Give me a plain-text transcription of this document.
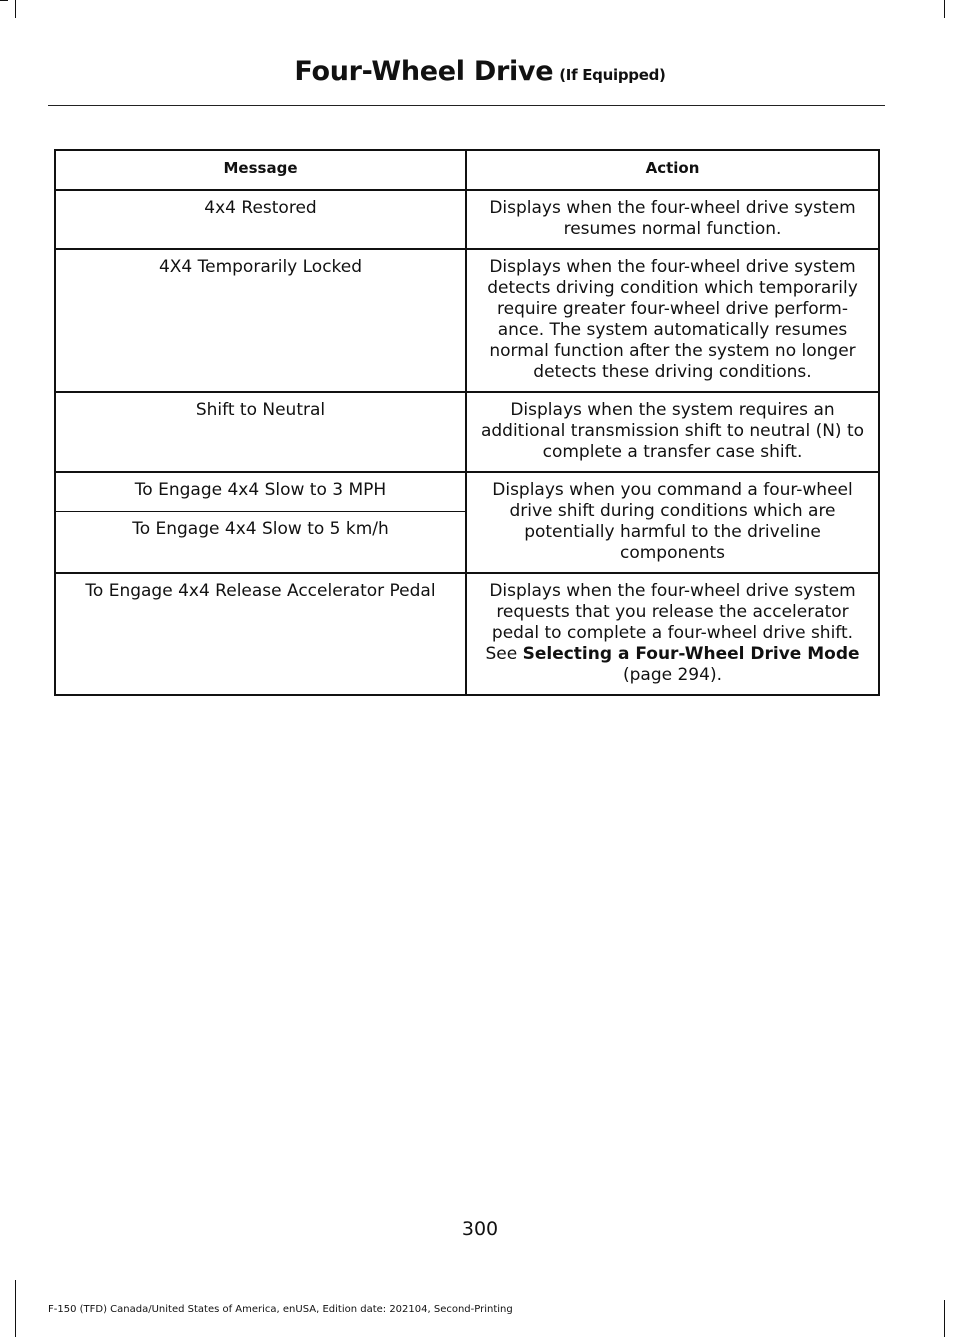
Four-Wheel Drive (If Equipped)
Message	Action
4x4 Restored	Displays when the four-wheel drive system resumes normal function.
4X4 Temporarily Locked	Displays when the four-wheel drive system detects driving condition which temporarily require greater four-wheel drive perform-ance. The system automatically resumes normal function after the system no longer detects these driving conditions.
Shift to Neutral	Displays when the system requires an additional transmission shift to neutral (N) to complete a transfer case shift.
To Engage 4x4 Slow to 3 MPH	Displays when you command a four-wheel drive shift during conditions which are potentially harmful to the driveline components
To Engage 4x4 Slow to 5 km/h	
To Engage 4x4 Release Accelerator Pedal	Displays when the four-wheel drive system requests that you release the accelerator pedal to complete a four-wheel drive shift. See Selecting a Four-Wheel Drive Mode (page 294).
300
F-150 (TFD) Canada/United States of America, enUSA, Edition date: 202104, Second-Printing
